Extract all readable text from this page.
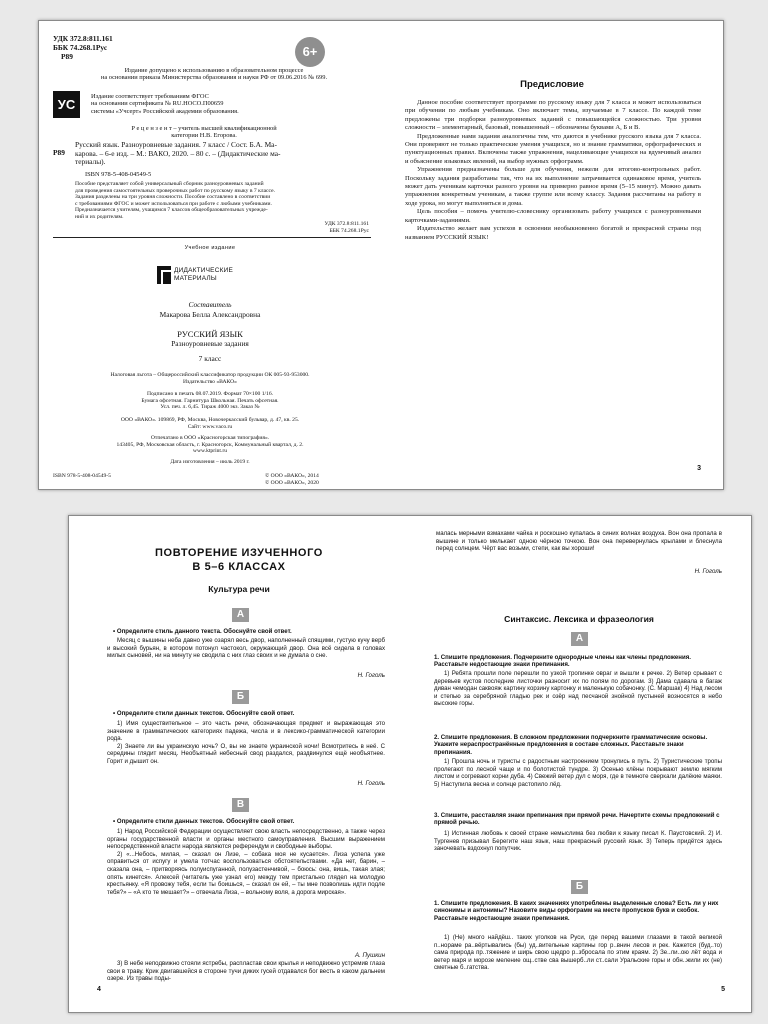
УДК 372.8:811.161
ББК 74.268.1Рус
Р89	6+
Издание допущено к использованию в образовательном процессе
на основании приказа Министерства образования и науки РФ от 09.06.2016 № 699.
УС
Издание соответствует требованиям ФГОС
на основании сертификата № RU.НОСО.П00659
системы «Учсерт» Российской академии образования.
Р е ц е н з е н т – учитель высшей квалификационной
категории Н.В. Егорова.
Р89
Русский язык. Разноуровневые задания. 7 класс / Сост. Б.А. Ма-
карова. – 6-е изд. – М.: ВАКО, 2020. – 80 с. – (Дидактические ма-
териалы).
ISBN 978-5-408-04549-5
Пособие представляет собой универсальный сборник разноуровневых заданий
для проведения самостоятельных проверочных работ по русскому языку в 7 классе.
Задания разделены на три уровня сложности. Пособие составлено в соответствии
с требованиями ФГОС и может использоваться при работе с любыми учебниками.
Предназначается учителям, учащимся 7 классов общеобразовательных учрежде-
ний и их родителям.
УДК 372.8:811.161
ББК 74.268.1Рус
Учебное издание
ДИДАКТИЧЕСКИЕ
МАТЕРИАЛЫ
Составитель
Макарова Белла Александровна
РУССКИЙ ЯЗЫК
Разноуровневые задания
7 класс
Налоговая льгота – Общероссийский классификатор продукции ОК 005-93-953000.
Издательство «ВАКО»
Подписано в печать 08.07.2019. Формат 70×100 1/16.
Бумага офсетная. Гарнитура Школьная. Печать офсетная.
Усл. печ. л. 6,45. Тираж 4000 экз. Заказ №
ООО «ВАКО». 109869, РФ, Москва, Новочеркасский бульвар, д. 47, кв. 25.
Сайт: www.vaco.ru
Отпечатано в ООО «Красногорская типография».
143405, РФ, Московская область, г. Красногорск, Коммунальный квартал, д. 2.
www.ktprint.ru
Дата изготовления – июль 2019 г.
ISBN 978-5-408-04549-5	© ООО «ВАКО», 2014
© ООО «ВАКО», 2020
Предисловие

Данное пособие соответствует программе по русскому языку для 7 класса и может использоваться при обучении по любым учебникам. Оно включает темы, изучаемые в 7 классе. По каждой теме предложены три подборки разноуровневых заданий с повышающейся сложностью. Три уровня сложности – элементарный, базовый, повышенный – обозначены буквами А, Б и В.

Предложенные нами задания аналогичны тем, что даются в учебнике русского языка для 7 класса. Они проверяют не только практические умения учащихся, но и знание грамматики, орфографических и пунктуационных правил. Включены также упражнения, нацеливающие учащихся на вдумчивый анализ и объяснение языковых явлений, на выбор нужных орфограмм.

Упражнения предназначены больше для обучения, нежели для итогово-контрольных работ. Поскольку задания разработаны так, что на их выполнение затрачивается одинаковое время, учитель может дать ученикам карточки разного уровня на примерно равное время (5–15 минут). Можно давать упражнения конкретным ученикам, а также группе или всему классу. Задания рассчитаны на работу в ходе урока, но могут выполняться и дома.

Цель пособия – помочь учителю-словеснику организовать работу учащихся с разноуровневыми карточками-заданиями.

Издательство желает вам успехов в освоении необыкновенно богатой и прекрасной страны под названием РУССКИЙ ЯЗЫК!

3
ПОВТОРЕНИЕ ИЗУЧЕННОГО
В 5–6 КЛАССАХ
Культура речи
А
• Определите стиль данного текста. Обоснуйте свой ответ.

Месяц с вышины неба давно уже озарял весь двор, наполненный спящими, густую кучу верб и высокий бурьян, в котором потонул частокол, окружающий двор. Она всё сидела в головах милых сыновей, ни на минуту не сводила с них глаз своих и не думала о сне.

Н. Гоголь
Б
• Определите стили данных текстов. Обоснуйте свой ответ.

1) Имя существительное – это часть речи, обозначающая предмет и выражающая это значение в грамматических категориях падежа, числа и в лексико-грамматической категории рода.

2) Знаете ли вы украинскую ночь? О, вы не знаете украинской ночи! Всмотритесь в неё. С середины глядит месяц. Необъятный небесный свод раздался, раздвинулся ещё необъятнее. Горит и дышит он.

Н. Гоголь
В
• Определите стили данных текстов. Обоснуйте свой ответ.

1) Народ Российской Федерации осуществляет свою власть непосредственно, а также через органы государственной власти и органы местного самоуправления. Высшим выражением непосредственной власти народа являются референдум и свободные выборы.

2) «...Небось, милая, – сказал он Лизе, – собака моя не кусается». Лиза успела уже оправиться от испугу и умела тотчас воспользоваться обстоятельствами. «Да нет, барин, – сказала она, – притворяясь полуиспуганной, полузастенчивой, – боюсь: она, вишь, такая злая; опять кинется». Алексей (читатель уже узнал его) между тем пристально глядел на молодую крестьянку. «Я провожу тебя, если ты боишься, – сказал он ей, – ты мне позволишь идти подле тебя?» – «А кто те мешает?» – отвечала Лиза, – вольному воля, а дорога мирская».

А. Пушкин

3) В небе неподвижно стояли ястребы, распластав свои крылья и неподвижно устремив глаза свои в траву. Крик двигавшейся в стороне тучи диких гусей отдавался бог весть в каком дальнем озере. Из травы поды-

4
малась мерными взмахами чайка и роскошно купалась в синих волнах воздуха. Вон она пропала в вышине и только мелькает одною чёрною точкою. Вон она перевернулась крылами и блеснула перед солнцем. Чёрт вас возьми, степи, как вы хороши!
Н. Гоголь
Синтаксис. Лексика и фразеология
А
1. Спишите предложения. Подчеркните однородные члены как члены предложения. Расставьте недостающие знаки препинания.

1) Ребята прошли поле перешли по узкой тропинке овраг и вышли к речке. 2) Ветер срывает с деревьев кустов последние листочки разносит их по полям по дорогам. 3) Дама сдавала в багаж диван чемодан саквояж картину корзину картонку и маленькую собачонку. (С. Маршак) 4) Над лесом и степью за серебряной гладью рек и озёр над песчаной знойной пустыней возносятся в небо высокие горы.

2. Спишите предложения. В сложном предложении подчеркните грамматические основы. Укажите нераспространённые предложения в составе сложных. Расставьте знаки препинания.

1) Прошла ночь и туристы с радостным настроением тронулись в путь. 2) Туристические тропы пролегают по лесной чаще и по болотистой тундре. 3) Осенью клёны покрывают землю мягким листом и согревают корни дуба. 4) Свежий ветер дул с моря, где в темноте сверкали далёкие маяки. 5) Наступила весна и солнце растопило лёд.

3. Спишите, расставляя знаки препинания при прямой речи. Начертите схемы предложений с прямой речью.

1) Истинная любовь к своей стране немыслима без любви к языку писал К. Паустовский. 2) И. Тургенев призывал Берегите наш язык, наш прекрасный русский язык. 3) Теперь придётся здесь заночевать вздохнул попутчик.

Б
1. Спишите предложения. В каких значениях употреблены выделенные слова? Есть ли у них синонимы и антонимы? Назовите виды орфограмм на месте пропусков букв и скобок. Расставьте недостающие знаки препинания.

1) (Не) много найдёш.. таких уголков на Руси, где перед вашими глазами в такой великой п..нораме ра..вёртывались (бы) уд..вительные картины гор р..внин лесов и рек. Кажется (буд..то) сама природа пр..тяжение и ширь свою щедро р..збросала по этим краям. 2) Зе..ли..ою лёт вода и ветер маря и морозе меление ощ..стве сва вышерб..ли ст..сали Уральские горы и обн..жили их (не) сметные б..гатства.

5
